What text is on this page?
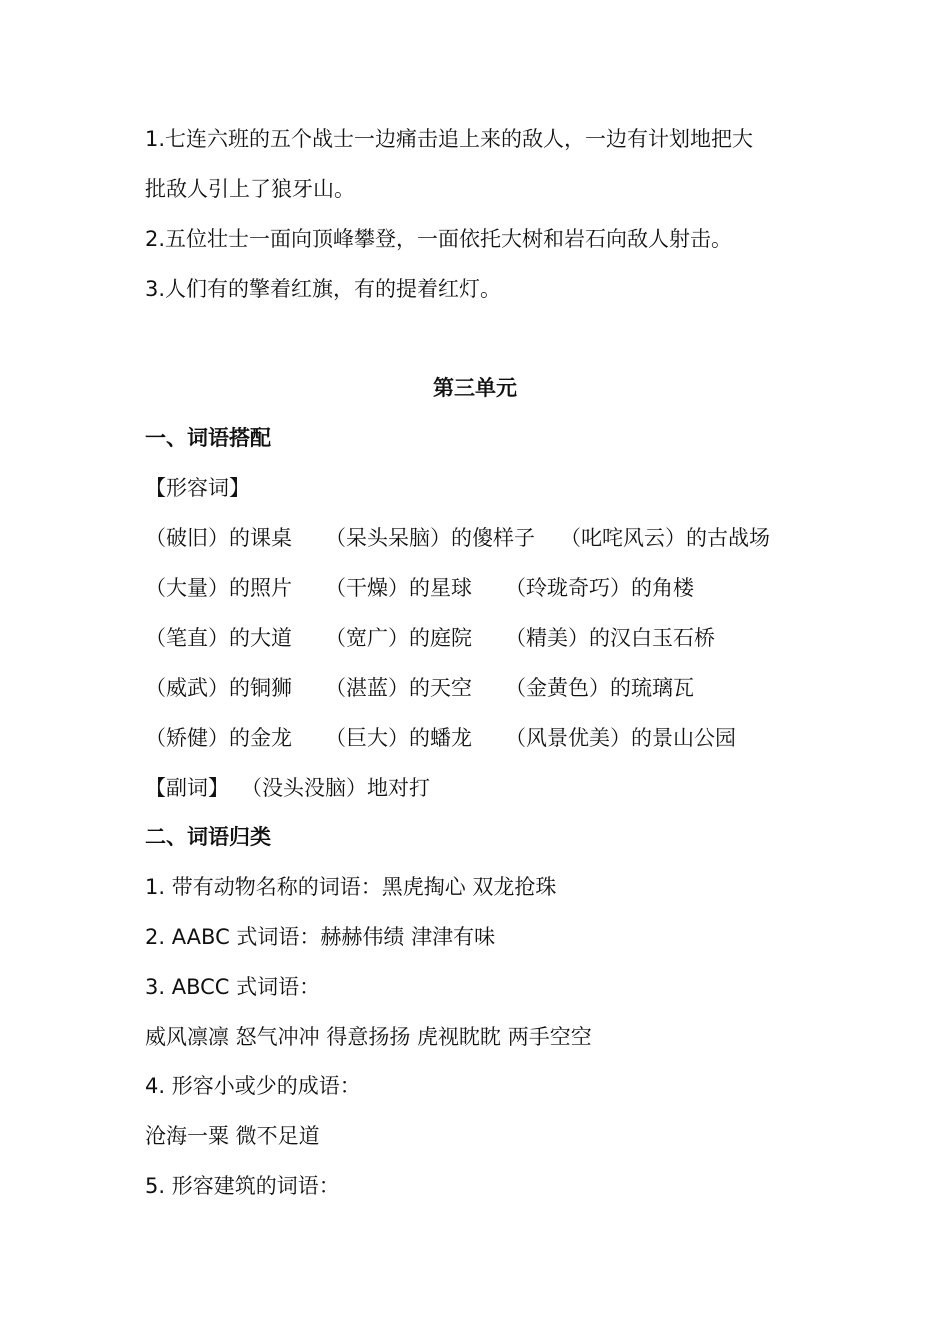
1.七连六班的五个战士一边痛击追上来的敌人，一边有计划地把大

批敌人引上了狼牙山。

2.五位壮士一面向顶峰攀登，一面依托大树和岩石向敌人射击。

3.人们有的擎着红旗，有的提着红灯。

第三单元

一、词语搭配

【形容词】

（破旧）的课桌 （呆头呆脑）的傻样子 （叱咤风云）的古战场
（大量）的照片 （干燥）的星球 （玲珑奇巧）的角楼
（笔直）的大道 （宽广）的庭院 （精美）的汉白玉石桥
（威武）的铜狮 （湛蓝）的天空 （金黄色）的琉璃瓦
（矫健）的金龙 （巨大）的蟠龙 （风景优美）的景山公园

【副词】 （没头没脑）地对打

二、词语归类

1. 带有动物名称的词语：黑虎掏心 双龙抢珠

2. AABC 式词语：赫赫伟绩 津津有味

3. ABCC 式词语：

威风凛凛 怒气冲冲 得意扬扬 虎视眈眈 两手空空

4. 形容小或少的成语：

沧海一粟 微不足道

5. 形容建筑的词语：
